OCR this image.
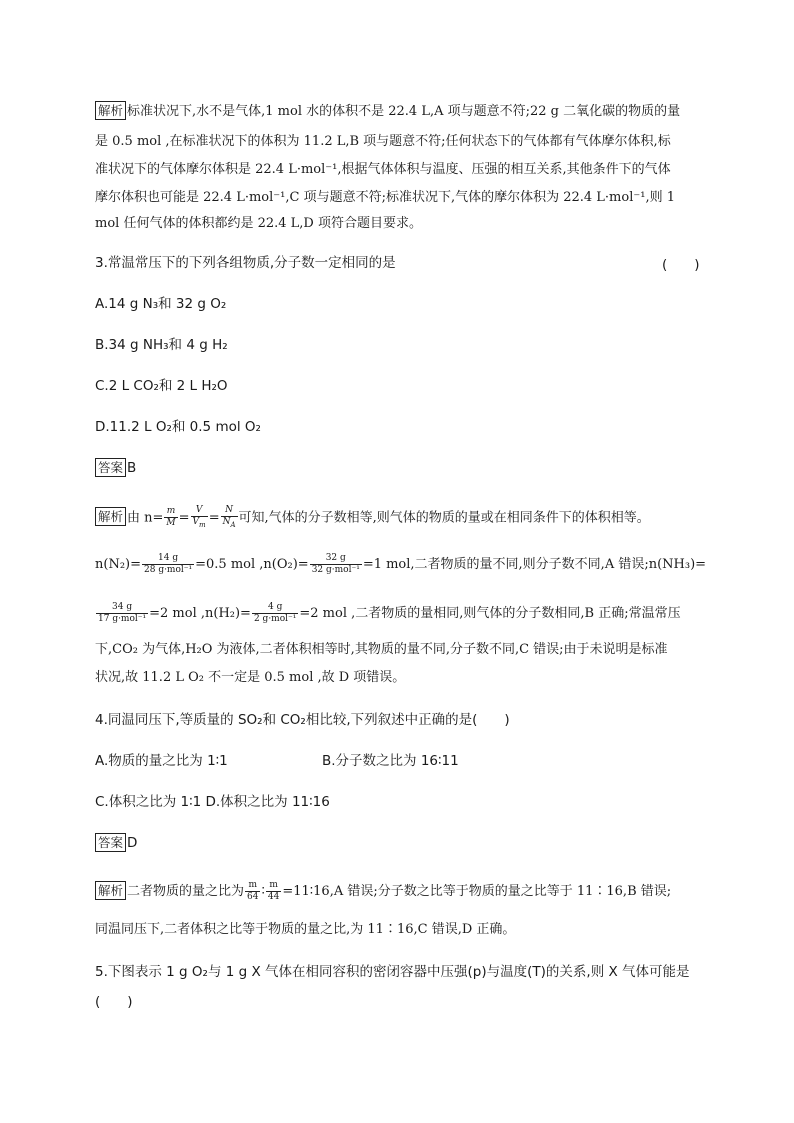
解析 标准状况下,水不是气体,1 mol 水的体积不是 22.4 L,A 项与题意不符;22 g 二氧化碳的物质的量
是 0.5 mol ,在标准状况下的体积为 11.2 L,B 项与题意不符;任何状态下的气体都有气体摩尔体积,标
准状况下的气体摩尔体积是 22.4 L·mol⁻¹,根据气体体积与温度、压强的相互关系,其他条件下的气体
摩尔体积也可能是 22.4 L·mol⁻¹,C 项与题意不符;标准状况下,气体的摩尔体积为 22.4 L·mol⁻¹,则 1
mol 任何气体的体积都约是 22.4 L,D 项符合题目要求。
3.常温常压下的下列各组物质,分子数一定相同的是	(　　)
A.14 g N₃和 32 g O₂
B.34 g NH₃和 4 g H₂
C.2 L CO₂和 2 L H₂O
D.11.2 L O₂和 0.5 mol O₂
答案 B
解析 由 $n= \frac{m}{M} = \frac{V}{V_m} = \frac{N}{N_A}$ 可知,气体的分子数相等,则气体的物质的量或在相同条件下的体积相等。
$n(N_2)= \frac{14 g}{\text{28 g·mol⁻¹}} =0.5$ mol $,n(O_2)= \frac{32 g}{\text{32 g·mol⁻¹}} =1$ mol,二者物质的量不同,则分子数不同,A 错误;n(NH₃)=
$\frac{34 g}{\text{17 g·mol⁻¹}} =2$ mol $,n(H_2)= \frac{4 g}{\text{2 g·mol⁻¹}} =2$ mol ,二者物质的量相同,则气体的分子数相同,B 正确;常温常压
下,CO₂ 为气体,H₂O 为液体,二者体积相等时,其物质的量不同,分子数不同,C 错误;由于未说明是标准
状况,故 11.2 L O₂ 不一定是 0.5 mol ,故 D 项错误。
4.同温同压下,等质量的 SO₂和 CO₂相比较,下列叙述中正确的是(　　)
A.物质的量之比为 1∶1	B.分子数之比为 16∶11
C.体积之比为 1∶1 D.体积之比为 11∶16
答案 D
解析 二者物质的量之比为 $\frac{m}{64}$ ∶ $\frac{m}{44}$ =11∶16,A 错误;分子数之比等于物质的量之比等于 11∶16,B 错误;
同温同压下,二者体积之比等于物质的量之比,为 11∶16,C 错误,D 正确。
5.下图表示 1 g O₂与 1 g X 气体在相同容积的密闭容器中压强(p)与温度(T)的关系,则 X 气体可能是
(　　)
